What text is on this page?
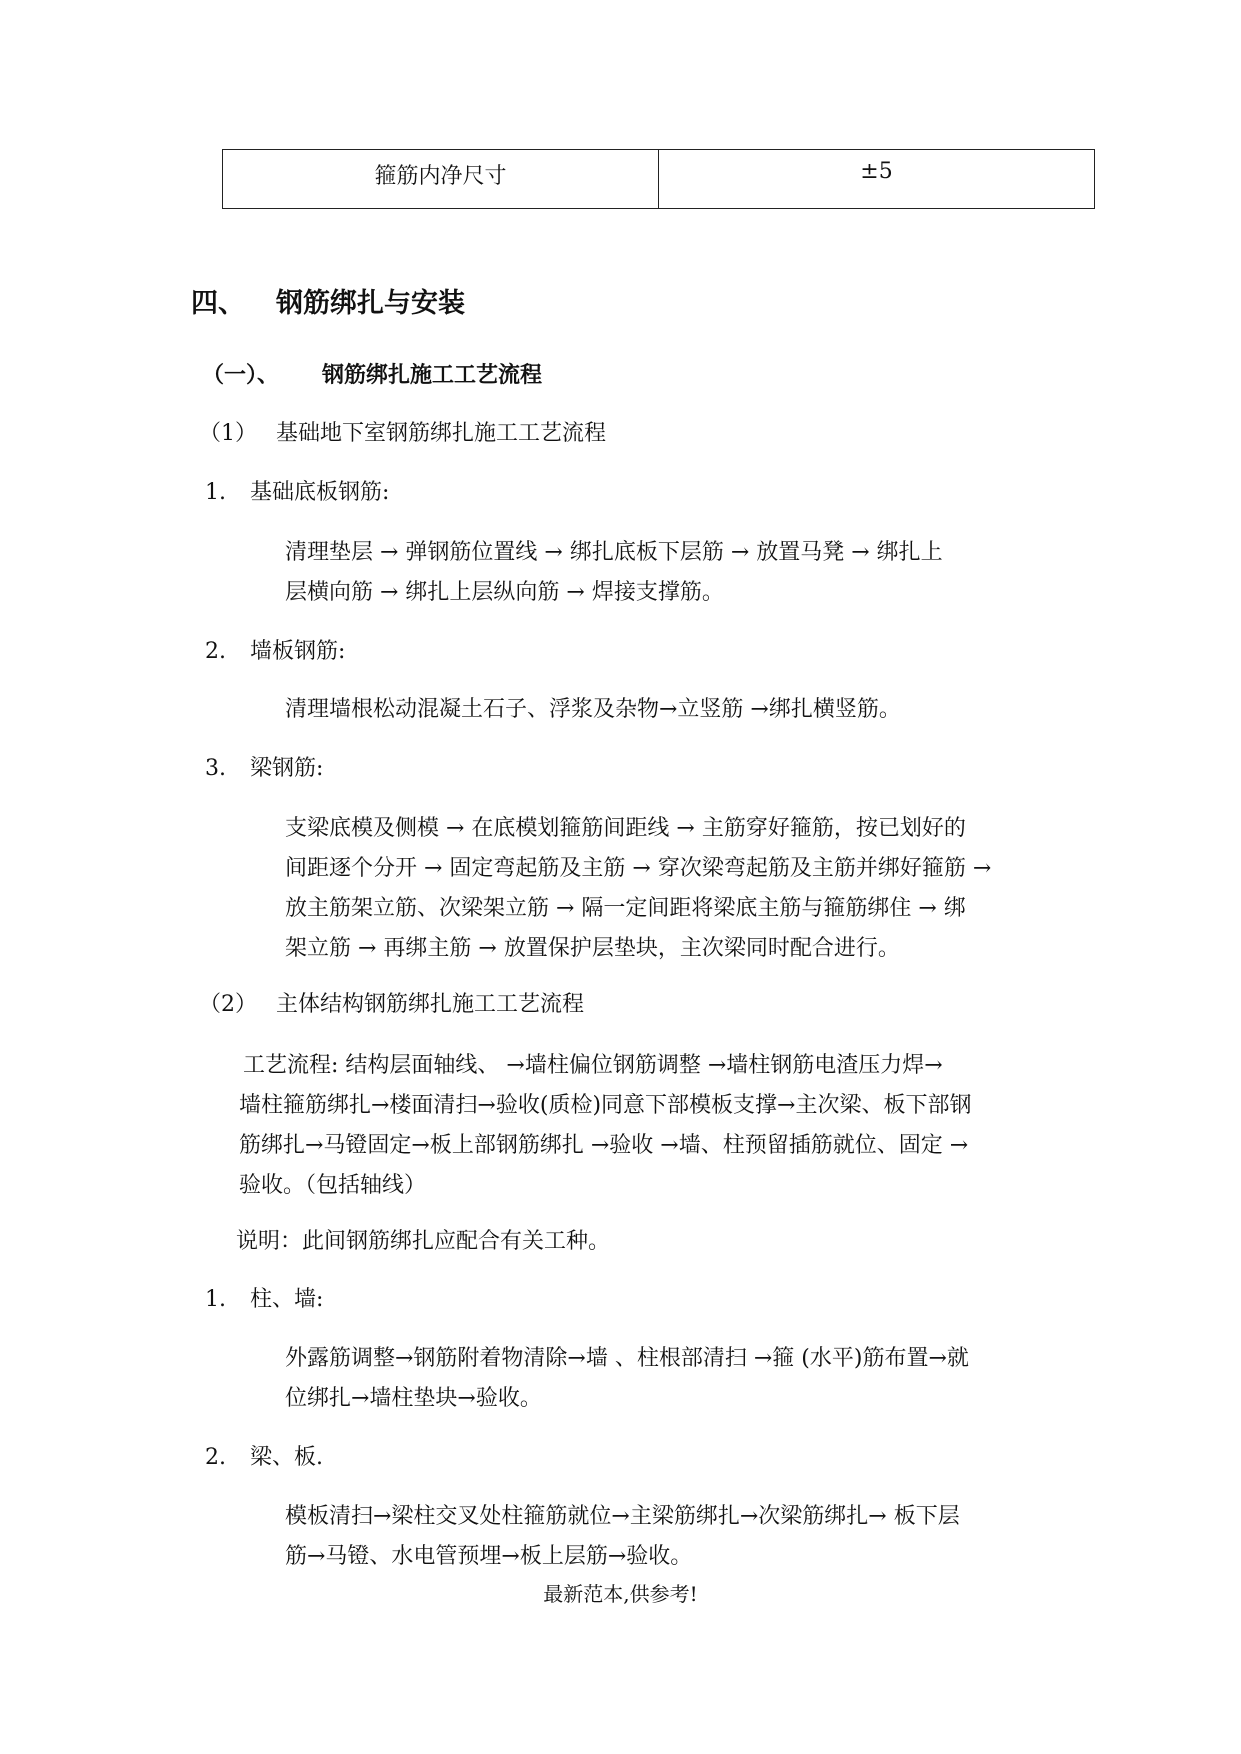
箍筋内净尺寸	±5
四、 钢筋绑扎与安装
（一）、 钢筋绑扎施工工艺流程
（1） 基础地下室钢筋绑扎施工工艺流程
1. 基础底板钢筋:
清理垫层 → 弹钢筋位置线 → 绑扎底板下层筋 → 放置马凳 → 绑扎上
层横向筋 → 绑扎上层纵向筋 → 焊接支撑筋。
2. 墙板钢筋:
清理墙根松动混凝土石子、浮浆及杂物→立竖筋 →绑扎横竖筋。
3. 梁钢筋:
支梁底模及侧模 → 在底模划箍筋间距线 → 主筋穿好箍筋，按已划好的
间距逐个分开 → 固定弯起筋及主筋 → 穿次梁弯起筋及主筋并绑好箍筋 →
放主筋架立筋、次梁架立筋 → 隔一定间距将梁底主筋与箍筋绑住 → 绑
架立筋 → 再绑主筋 → 放置保护层垫块，主次梁同时配合进行。
（2） 主体结构钢筋绑扎施工工艺流程
工艺流程: 结构层面轴线、 →墙柱偏位钢筋调整 →墙柱钢筋电渣压力焊→
墙柱箍筋绑扎→楼面清扫→验收(质检)同意下部模板支撑→主次梁、板下部钢
筋绑扎→马镫固定→板上部钢筋绑扎 →验收 →墙、柱预留插筋就位、固定 →
验收。（包括轴线）
说明：此间钢筋绑扎应配合有关工种。
1. 柱、墙:
外露筋调整→钢筋附着物清除→墙 、柱根部清扫 →箍 (水平)筋布置→就
位绑扎→墙柱垫块→验收。
2. 梁、板.
模板清扫→梁柱交叉处柱箍筋就位→主梁筋绑扎→次梁筋绑扎→ 板下层
筋→马镫、水电管预埋→板上层筋→验收。
最新范本,供参考!
